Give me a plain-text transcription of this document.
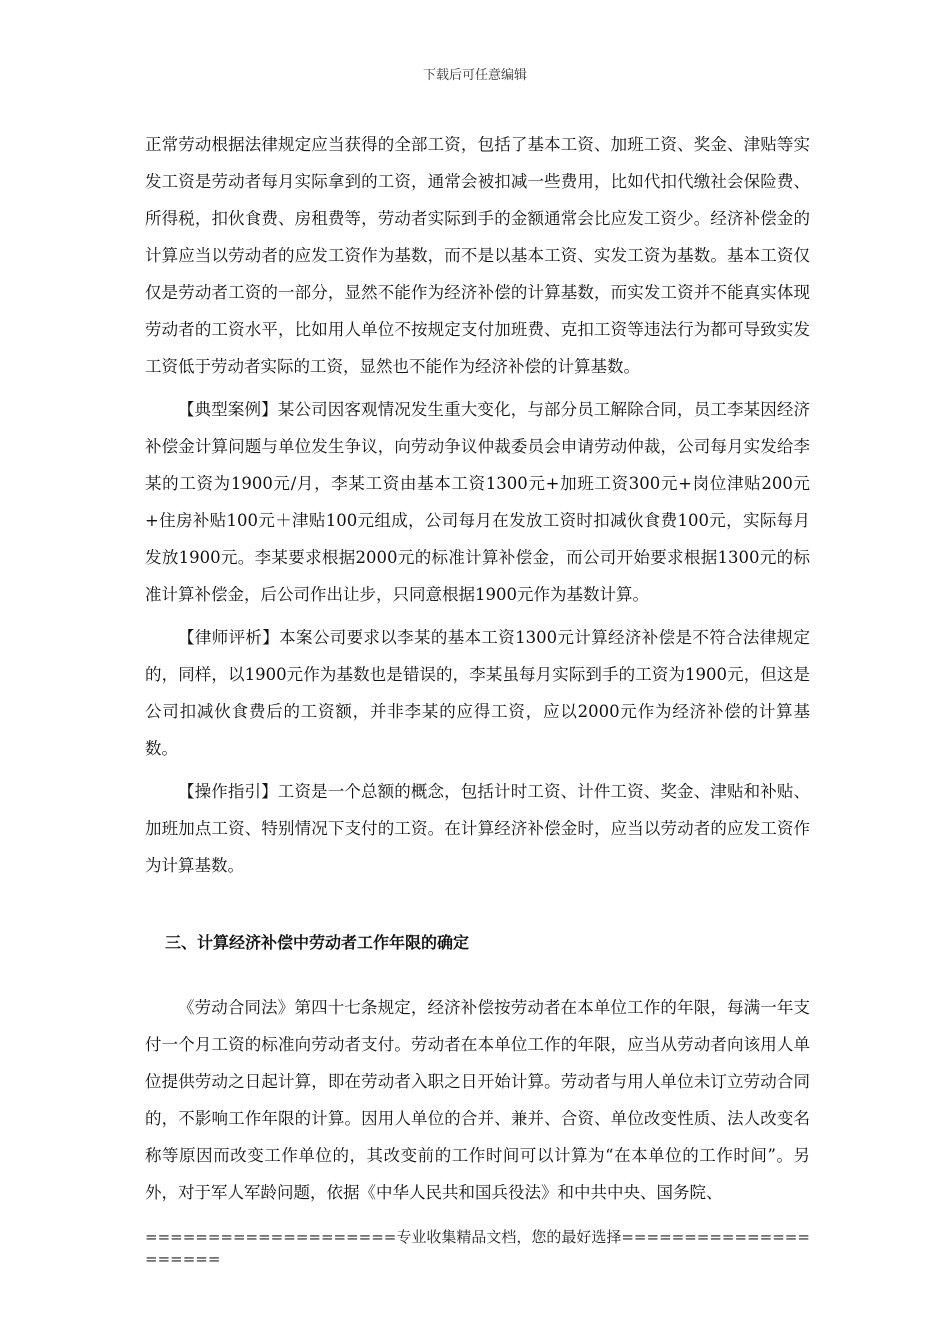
下载后可任意编辑

正常劳动根据法律规定应当获得的全部工资，包括了基本工资、加班工资、奖金、津贴等实发工资是劳动者每月实际拿到的工资，通常会被扣减一些费用，比如代扣代缴社会保险费、所得税，扣伙食费、房租费等，劳动者实际到手的金额通常会比应发工资少。经济补偿金的计算应当以劳动者的应发工资作为基数，而不是以基本工资、实发工资为基数。基本工资仅仅是劳动者工资的一部分，显然不能作为经济补偿的计算基数，而实发工资并不能真实体现劳动者的工资水平，比如用人单位不按规定支付加班费、克扣工资等违法行为都可导致实发工资低于劳动者实际的工资，显然也不能作为经济补偿的计算基数。

【典型案例】某公司因客观情况发生重大变化，与部分员工解除合同，员工李某因经济补偿金计算问题与单位发生争议，向劳动争议仲裁委员会申请劳动仲裁，公司每月实发给李某的工资为1900元/月，李某工资由基本工资1300元+加班工资300元+岗位津贴200元+住房补贴100元＋津贴100元组成，公司每月在发放工资时扣减伙食费100元，实际每月发放1900元。李某要求根据2000元的标准计算补偿金，而公司开始要求根据1300元的标准计算补偿金，后公司作出让步，只同意根据1900元作为基数计算。

【律师评析】本案公司要求以李某的基本工资1300元计算经济补偿是不符合法律规定的，同样，以1900元作为基数也是错误的，李某虽每月实际到手的工资为1900元，但这是公司扣减伙食费后的工资额，并非李某的应得工资，应以2000元作为经济补偿的计算基数。

【操作指引】工资是一个总额的概念，包括计时工资、计件工资、奖金、津贴和补贴、加班加点工资、特别情况下支付的工资。在计算经济补偿金时，应当以劳动者的应发工资作为计算基数。

三、计算经济补偿中劳动者工作年限的确定

《劳动合同法》第四十七条规定，经济补偿按劳动者在本单位工作的年限，每满一年支付一个月工资的标准向劳动者支付。劳动者在本单位工作的年限，应当从劳动者向该用人单位提供劳动之日起计算，即在劳动者入职之日开始计算。劳动者与用人单位未订立劳动合同的，不影响工作年限的计算。因用人单位的合并、兼并、合资、单位改变性质、法人改变名称等原因而改变工作单位的，其改变前的工作时间可以计算为“在本单位的工作时间”。另外，对于军人军龄问题，依据《中华人民共和国兵役法》和中共中央、国务院、

====================专业收集精品文档，您的最好选择=====================
